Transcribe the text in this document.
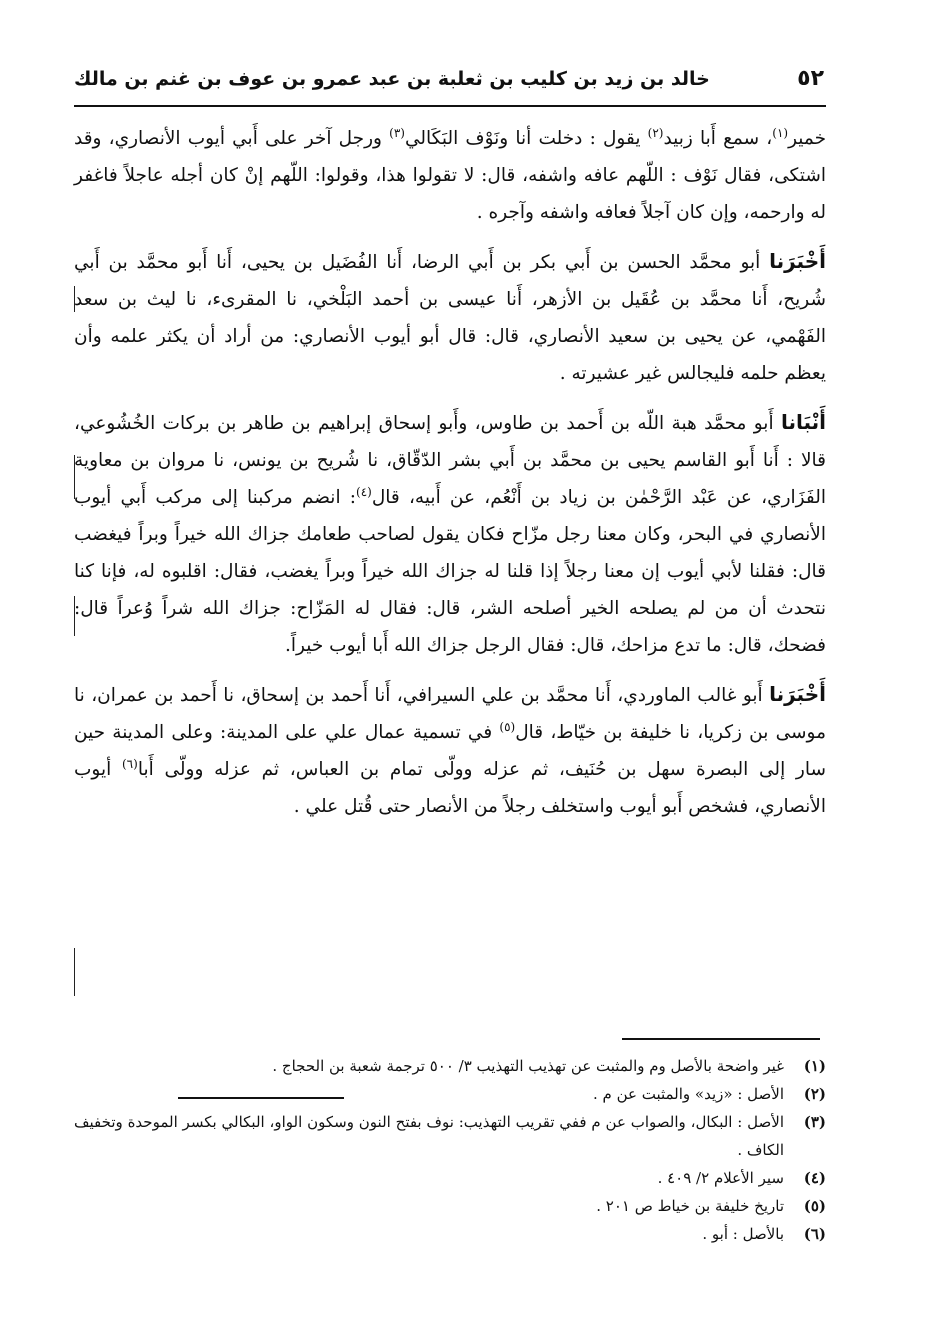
٥٢
خالد بن زيد بن كليب بن ثعلبة بن عبد عمرو بن عوف بن غنم بن مالك

خمير$^{(١)}$، سمع أَبا زبيد$^{(٢)}$ يقول : دخلت أنا ونَوْف البَكَالي$^{(٣)}$ ورجل آخر على أَبي أيوب الأنصاري، وقد اشتكى، فقال نَوْف : اللّهم عافه واشفه، قال: لا تقولوا هذا، وقولوا: اللّهم إنْ كان أجله عاجلاً فاغفر له وارحمه، وإن كان آجلاً فعافه واشفه وآجره .

أَخْبَرَنا أبو محمَّد الحسن بن أَبي بكر بن أَبي الرضا، أَنا الفُضَيل بن يحيى، أَنا أَبو محمَّد بن أَبي شُريح، أَنا محمَّد بن عُقَيل بن الأزهر، أَنا عيسى بن أحمد البَلْخي، نا المقرىء، نا ليث بن سعد الفَهْمي، عن يحيى بن سعيد الأنصاري، قال: قال أبو أيوب الأنصاري: من أراد أن يكثر علمه وأن يعظم حلمه فليجالس غير عشيرته .

أَنْبَانا أَبو محمَّد هبة اللّه بن أَحمد بن طاوس، وأَبو إسحاق إبراهيم بن طاهر بن بركات الخُشُوعي، قالا : أَنا أَبو القاسم يحيى بن محمَّد بن أَبي بشر الدّقّاق، نا شُريح بن يونس، نا مروان بن معاوية الفَزَاري، عن عَبْد الرَّحْمٰن بن زياد بن أَنْعُم، عن أَبيه، قال$^{(٤)}$: انضم مركبنا إلى مركب أَبي أيوب الأنصاري في البحر، وكان معنا رجل مزّاح فكان يقول لصاحب طعامك جزاك الله خيراً وبراً فيغضب قال: فقلنا لأبي أيوب إن معنا رجلاً إذا قلنا له جزاك الله خيراً وبراً يغضب، فقال: اقلبوه له، فإنا كنا نتحدث أن من لم يصلحه الخير أصلحه الشر، قال: فقال له المَزّاح: جزاك الله شراً وُعراً قال: فضحك، قال: ما تدع مزاحك، قال: فقال الرجل جزاك الله أَبا أيوب خيراً.

أَخْبَرَنا أَبو غالب الماوردي، أَنا محمَّد بن علي السيرافي، أَنا أَحمد بن إسحاق، نا أَحمد بن عمران، نا موسى بن زكريا، نا خليفة بن خيّاط، قال$^{(٥)}$ في تسمية عمال علي على المدينة: وعلى المدينة حين سار إلى البصرة سهل بن حُنَيف، ثم عزله وولّى تمام بن العباس، ثم عزله وولّى أَبا$^{(٦)}$ أيوب الأنصاري، فشخص أَبو أيوب واستخلف رجلاً من الأنصار حتى قُتل علي .

(١)
غير واضحة بالأصل وم والمثبت عن تهذيب التهذيب ٣/ ٥٠٠ ترجمة شعبة بن الحجاج .
(٢)
الأصل : «زيد» والمثبت عن م .
(٣)
الأصل : البكال، والصواب عن م ففي تقريب التهذيب: نوف بفتح النون وسكون الواو، البكالي بكسر الموحدة وتخفيف الكاف .
(٤)
سير الأعلام ٢/ ٤٠٩ .
(٥)
تاريخ خليفة بن خياط ص ٢٠١ .
(٦)
بالأصل : أبو .
